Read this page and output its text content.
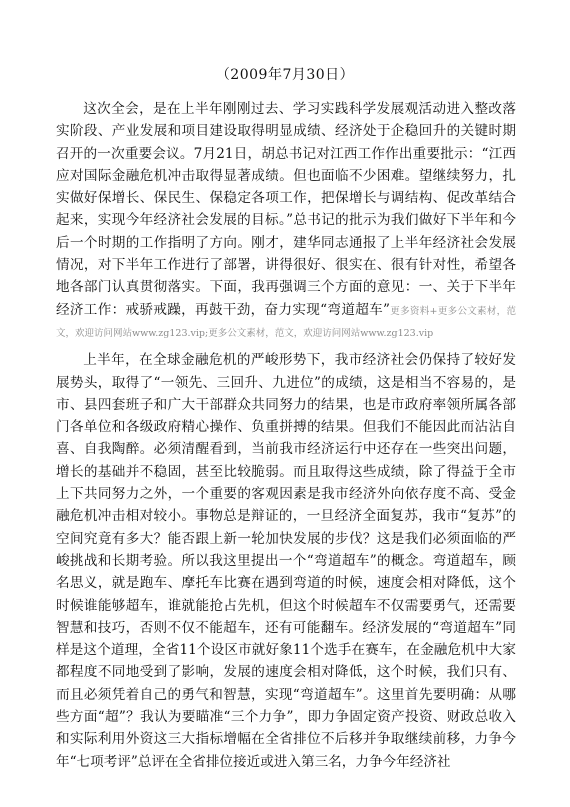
（2009年7月30日）

这次全会，是在上半年刚刚过去、学习实践科学发展观活动进入整改落实阶段、产业发展和项目建设取得明显成绩、经济处于企稳回升的关键时期召开的一次重要会议。7月21日，胡总书记对江西工作作出重要批示：“江西应对国际金融危机冲击取得显著成绩。但也面临不少困难。望继续努力，扎实做好保增长、保民生、保稳定各项工作，把保增长与调结构、促改革结合起来，实现今年经济社会发展的目标。”总书记的批示为我们做好下半年和今后一个时期的工作指明了方向。刚才，建华同志通报了上半年经济社会发展情况，对下半年工作进行了部署，讲得很好、很实在、很有针对性，希望各地各部门认真贯彻落实。下面，我再强调三个方面的意见：一、关于下半年经济工作：戒骄戒躁，再鼓干劲，奋力实现“弯道超车”更多资料+更多公文素材，范文，欢迎访问网站www.zg123.vip;更多公文素材，范文，欢迎访问网站www.zg123.vip

上半年，在全球金融危机的严峻形势下，我市经济社会仍保持了较好发展势头，取得了“一领先、三回升、九进位”的成绩，这是相当不容易的，是市、县四套班子和广大干部群众共同努力的结果，也是市政府率领所属各部门各单位和各级政府精心操作、负重拼搏的结果。但我们不能因此而沾沾自喜、自我陶醉。必须清醒看到，当前我市经济运行中还存在一些突出问题，增长的基础并不稳固，甚至比较脆弱。而且取得这些成绩，除了得益于全市上下共同努力之外，一个重要的客观因素是我市经济外向依存度不高、受金融危机冲击相对较小。事物总是辩证的，一旦经济全面复苏，我市“复苏”的空间究竟有多大？能否跟上新一轮加快发展的步伐？这是我们必须面临的严峻挑战和长期考验。所以我这里提出一个“弯道超车”的概念。弯道超车，顾名思义，就是跑车、摩托车比赛在遇到弯道的时候，速度会相对降低，这个时候谁能够超车，谁就能抢占先机，但这个时候超车不仅需要勇气，还需要智慧和技巧，否则不仅不能超车，还有可能翻车。经济发展的“弯道超车”同样是这个道理，全省11个设区市就好象11个选手在赛车，在金融危机中大家都程度不同地受到了影响，发展的速度会相对降低，这个时候，我们只有、而且必须凭着自己的勇气和智慧，实现“弯道超车”。这里首先要明确：从哪些方面“超”？我认为要瞄准“三个力争”，即力争固定资产投资、财政总收入和实际利用外资这三大指标增幅在全省排位不后移并争取继续前移，力争今年“七项考评”总评在全省排位接近或进入第三名，力争今年经济社
